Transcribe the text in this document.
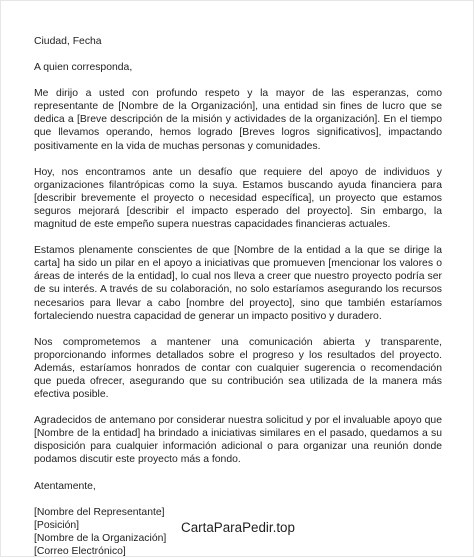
Ciudad, Fecha

A quien corresponda,

Me dirijo a usted con profundo respeto y la mayor de las esperanzas, como representante de [Nombre de la Organización], una entidad sin fines de lucro que se dedica a [Breve descripción de la misión y actividades de la organización]. En el tiempo que llevamos operando, hemos logrado [Breves logros significativos], impactando positivamente en la vida de muchas personas y comunidades.

Hoy, nos encontramos ante un desafío que requiere del apoyo de individuos y organizaciones filantrópicas como la suya. Estamos buscando ayuda financiera para [describir brevemente el proyecto o necesidad específica], un proyecto que estamos seguros mejorará [describir el impacto esperado del proyecto]. Sin embargo, la magnitud de este empeño supera nuestras capacidades financieras actuales.

Estamos plenamente conscientes de que [Nombre de la entidad a la que se dirige la carta] ha sido un pilar en el apoyo a iniciativas que promueven [mencionar los valores o áreas de interés de la entidad], lo cual nos lleva a creer que nuestro proyecto podría ser de su interés. A través de su colaboración, no solo estaríamos asegurando los recursos necesarios para llevar a cabo [nombre del proyecto], sino que también estaríamos fortaleciendo nuestra capacidad de generar un impacto positivo y duradero.

Nos comprometemos a mantener una comunicación abierta y transparente, proporcionando informes detallados sobre el progreso y los resultados del proyecto. Además, estaríamos honrados de contar con cualquier sugerencia o recomendación que pueda ofrecer, asegurando que su contribución sea utilizada de la manera más efectiva posible.

Agradecidos de antemano por considerar nuestra solicitud y por el invaluable apoyo que [Nombre de la entidad] ha brindado a iniciativas similares en el pasado, quedamos a su disposición para cualquier información adicional o para organizar una reunión donde podamos discutir este proyecto más a fondo.

Atentamente,

[Nombre del Representante]

[Posición]

[Nombre de la Organización]

[Correo Electrónico]

CartaParaPedir.top
